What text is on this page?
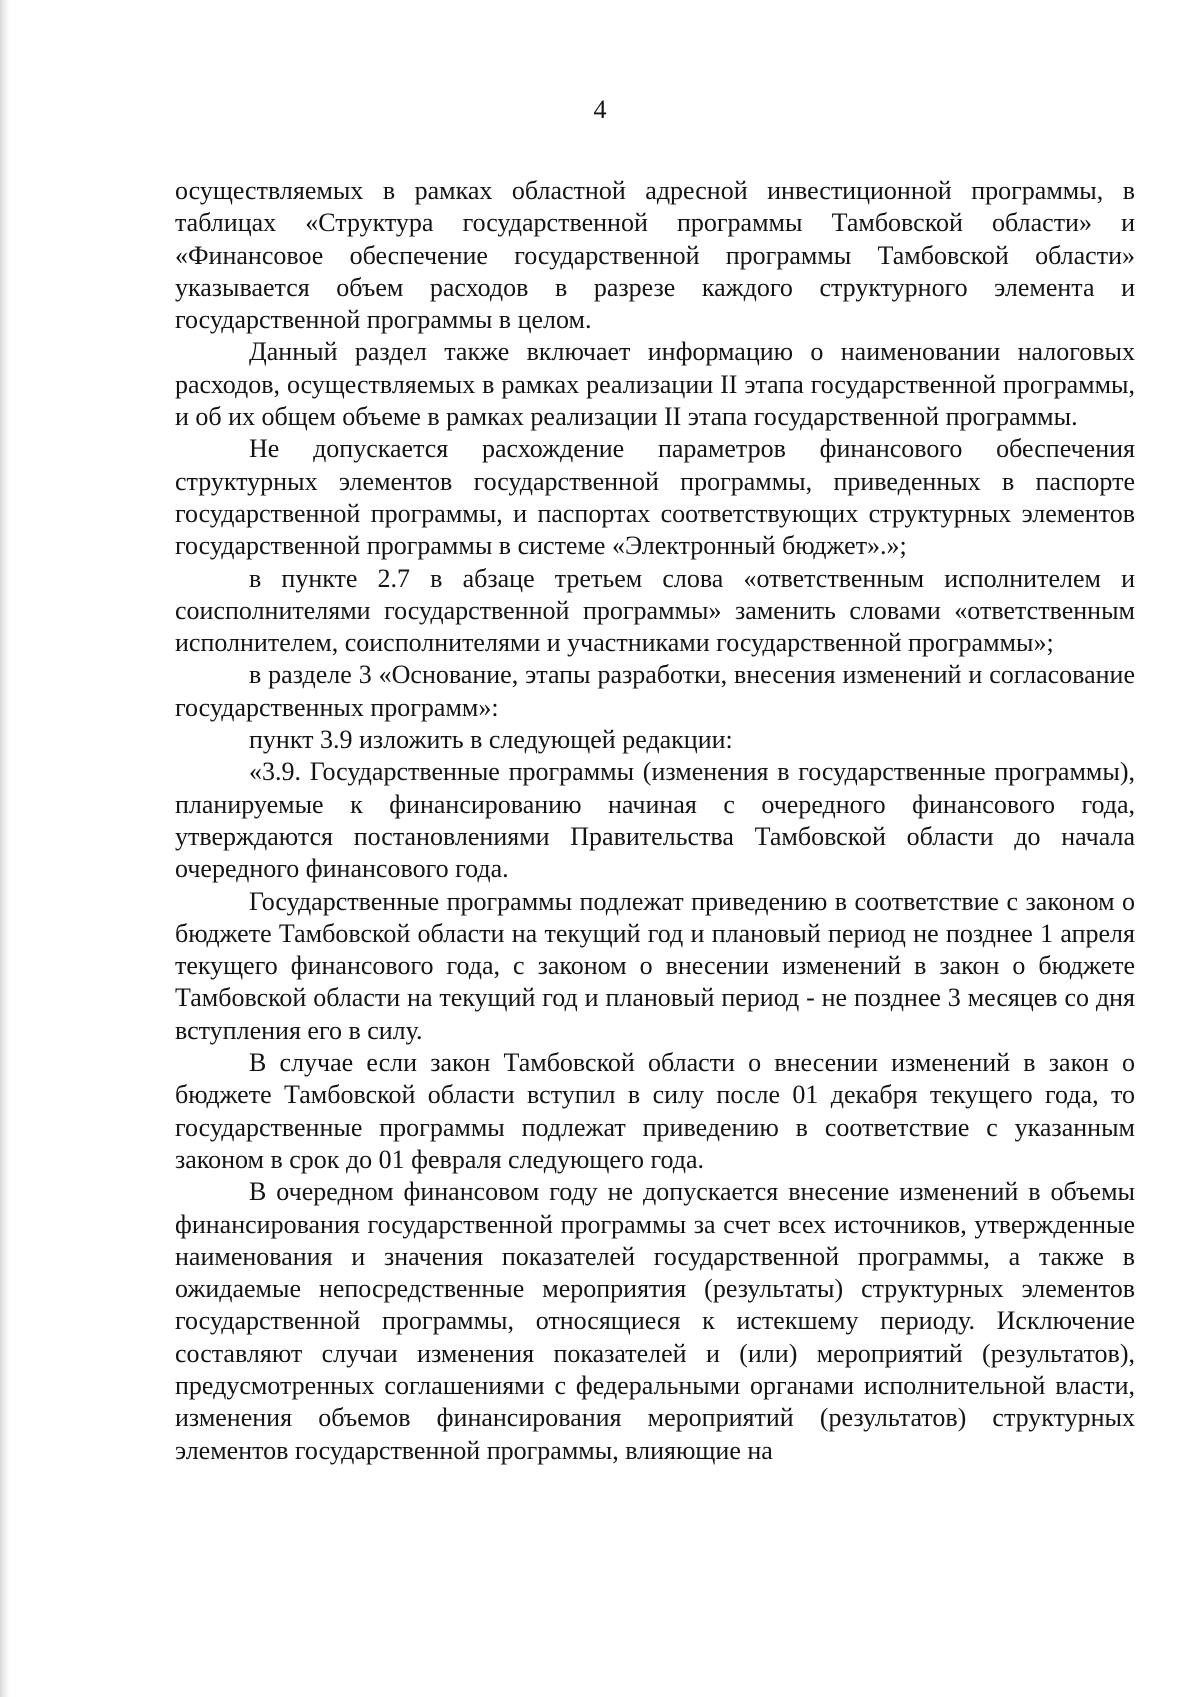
4

осуществляемых в рамках областной адресной инвестиционной программы, в таблицах «Структура государственной программы Тамбовской области» и «Финансовое обеспечение государственной программы Тамбовской области» указывается объем расходов в разрезе каждого структурного элемента и государственной программы в целом.

Данный раздел также включает информацию о наименовании налоговых расходов, осуществляемых в рамках реализации II этапа государственной программы, и об их общем объеме в рамках реализации II этапа государственной программы.

Не допускается расхождение параметров финансового обеспечения структурных элементов государственной программы, приведенных в паспорте государственной программы, и паспортах соответствующих структурных элементов государственной программы в системе «Электронный бюджет».»;

в пункте 2.7 в абзаце третьем слова «ответственным исполнителем и соисполнителями государственной программы» заменить словами «ответственным исполнителем, соисполнителями и участниками государственной программы»;

в разделе 3 «Основание, этапы разработки, внесения изменений и согласование государственных программ»:

пункт 3.9 изложить в следующей редакции:

«3.9. Государственные программы (изменения в государственные программы), планируемые к финансированию начиная с очередного финансового года, утверждаются постановлениями Правительства Тамбовской области до начала очередного финансового года.

Государственные программы подлежат приведению в соответствие с законом о бюджете Тамбовской области на текущий год и плановый период не позднее 1 апреля текущего финансового года, с законом о внесении изменений в закон о бюджете Тамбовской области на текущий год и плановый период - не позднее 3 месяцев со дня вступления его в силу.

В случае если закон Тамбовской области о внесении изменений в закон о бюджете Тамбовской области вступил в силу после 01 декабря текущего года, то государственные программы подлежат приведению в соответствие с указанным законом в срок до 01 февраля следующего года.

В очередном финансовом году не допускается внесение изменений в объемы финансирования государственной программы за счет всех источников, утвержденные наименования и значения показателей государственной программы, а также в ожидаемые непосредственные мероприятия (результаты) структурных элементов государственной программы, относящиеся к истекшему периоду. Исключение составляют случаи изменения показателей и (или) мероприятий (результатов), предусмотренных соглашениями с федеральными органами исполнительной власти, изменения объемов финансирования мероприятий (результатов) структурных элементов государственной программы, влияющие на
